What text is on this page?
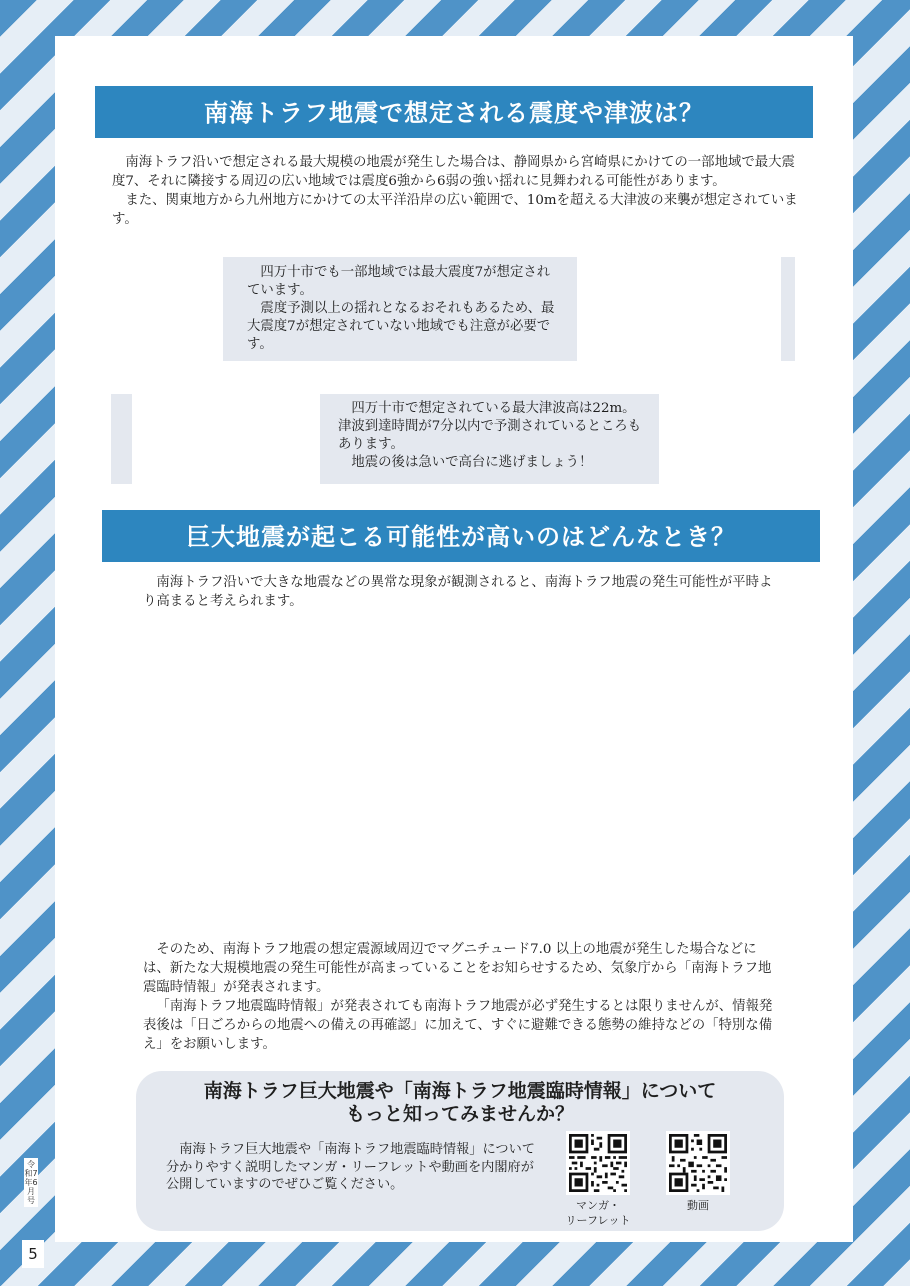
南海トラフ地震で想定される震度や津波は？

南海トラフ沿いで想定される最大規模の地震が発生した場合は、静岡県から宮崎県にかけての一部地域で最大震度7、それに隣接する周辺の広い地域では震度6強から6弱の強い揺れに見舞われる可能性があります。

また、関東地方から九州地方にかけての太平洋沿岸の広い範囲で、10mを超える大津波の来襲が想定されています。

四万十市でも一部地域では最大震度7が想定されています。

震度予測以上の揺れとなるおそれもあるため、最大震度7が想定されていない地域でも注意が必要です。

四万十市で想定されている最大津波高は22m。津波到達時間が7分以内で予測されているところもあります。

地震の後は急いで高台に逃げましょう！

巨大地震が起こる可能性が高いのはどんなとき？

南海トラフ沿いで大きな地震などの異常な現象が観測されると、南海トラフ地震の発生可能性が平時より高まると考えられます。

そのため、南海トラフ地震の想定震源域周辺でマグニチュード7.0 以上の地震が発生した場合などには、新たな大規模地震の発生可能性が高まっていることをお知らせするため、気象庁から「南海トラフ地震臨時情報」が発表されます。

「南海トラフ地震臨時情報」が発表されても南海トラフ地震が必ず発生するとは限りませんが、情報発表後は「日ごろからの地震への備えの再確認」に加えて、すぐに避難できる態勢の維持などの「特別な備え」をお願いします。

南海トラフ巨大地震や「南海トラフ地震臨時情報」について
もっと知ってみませんか？

南海トラフ巨大地震や「南海トラフ地震臨時情報」について分かりやすく説明したマンガ・リーフレットや動画を内閣府が公開していますのでぜひご覧ください。

マンガ・
リーフレット
動画
令和7年6月号
5
